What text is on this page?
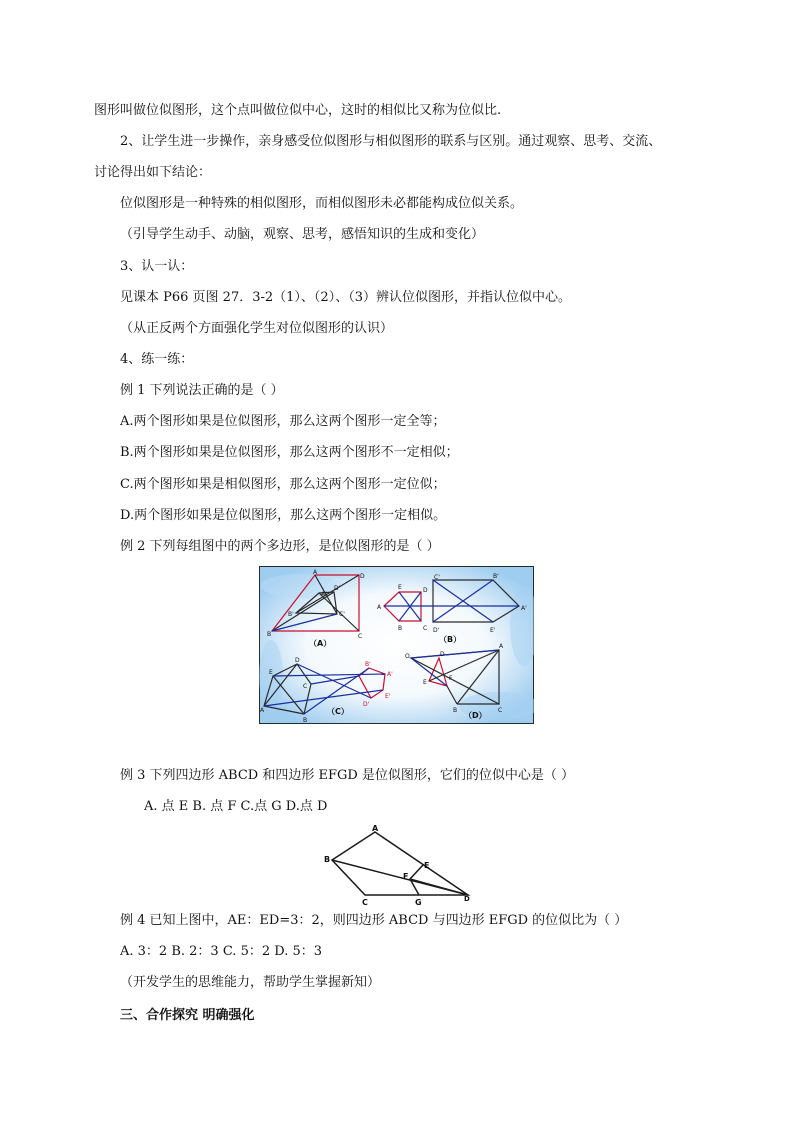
图形叫做位似图形，这个点叫做位似中心，这时的相似比又称为位似比.
2、让学生进一步操作，亲身感受位似图形与相似图形的联系与区别。通过观察、思考、交流、
讨论得出如下结论：
位似图形是一种特殊的相似图形，而相似图形未必都能构成位似关系。
（引导学生动手、动脑，观察、思考，感悟知识的生成和变化）
3、认一认：
见课本 P66 页图 27．3-2（1）、（2）、（3）辨认位似图形，并指认位似中心。
（从正反两个方面强化学生对位似图形的认识）
4、练一练：
例 1 下列说法正确的是（ ）
A.两个图形如果是位似图形，那么这两个图形一定全等；
B.两个图形如果是位似图形，那么这两个图形不一定相似；
C.两个图形如果是相似图形，那么这两个图形一定位似；
D.两个图形如果是位似图形，那么这两个图形一定相似。
例 2 下列每组图中的两个多边形，是位似图形的是（ ）
A
D
B	C
A'
D'
B'	C'
（A）
A
E	D
B	C
C'	B'
A'
D'	E'
（B）
E
D
A
B
C
B'
A'
E'
D'
（C）
O
A
D
E
F
B	C
（D）
例 3 下列四边形 ABCD 和四边形 EFGD 是位似图形，它们的位似中心是（ ）
A. 点 E B. 点 F C.点 G D.点 D
A
B
E
F
C	G	D
例 4 已知上图中，AE：ED=3：2，则四边形 ABCD 与四边形 EFGD 的位似比为（ ）
A. 3：2 B. 2：3 C. 5：2 D. 5：3
（开发学生的思维能力，帮助学生掌握新知）
三、合作探究 明确强化
